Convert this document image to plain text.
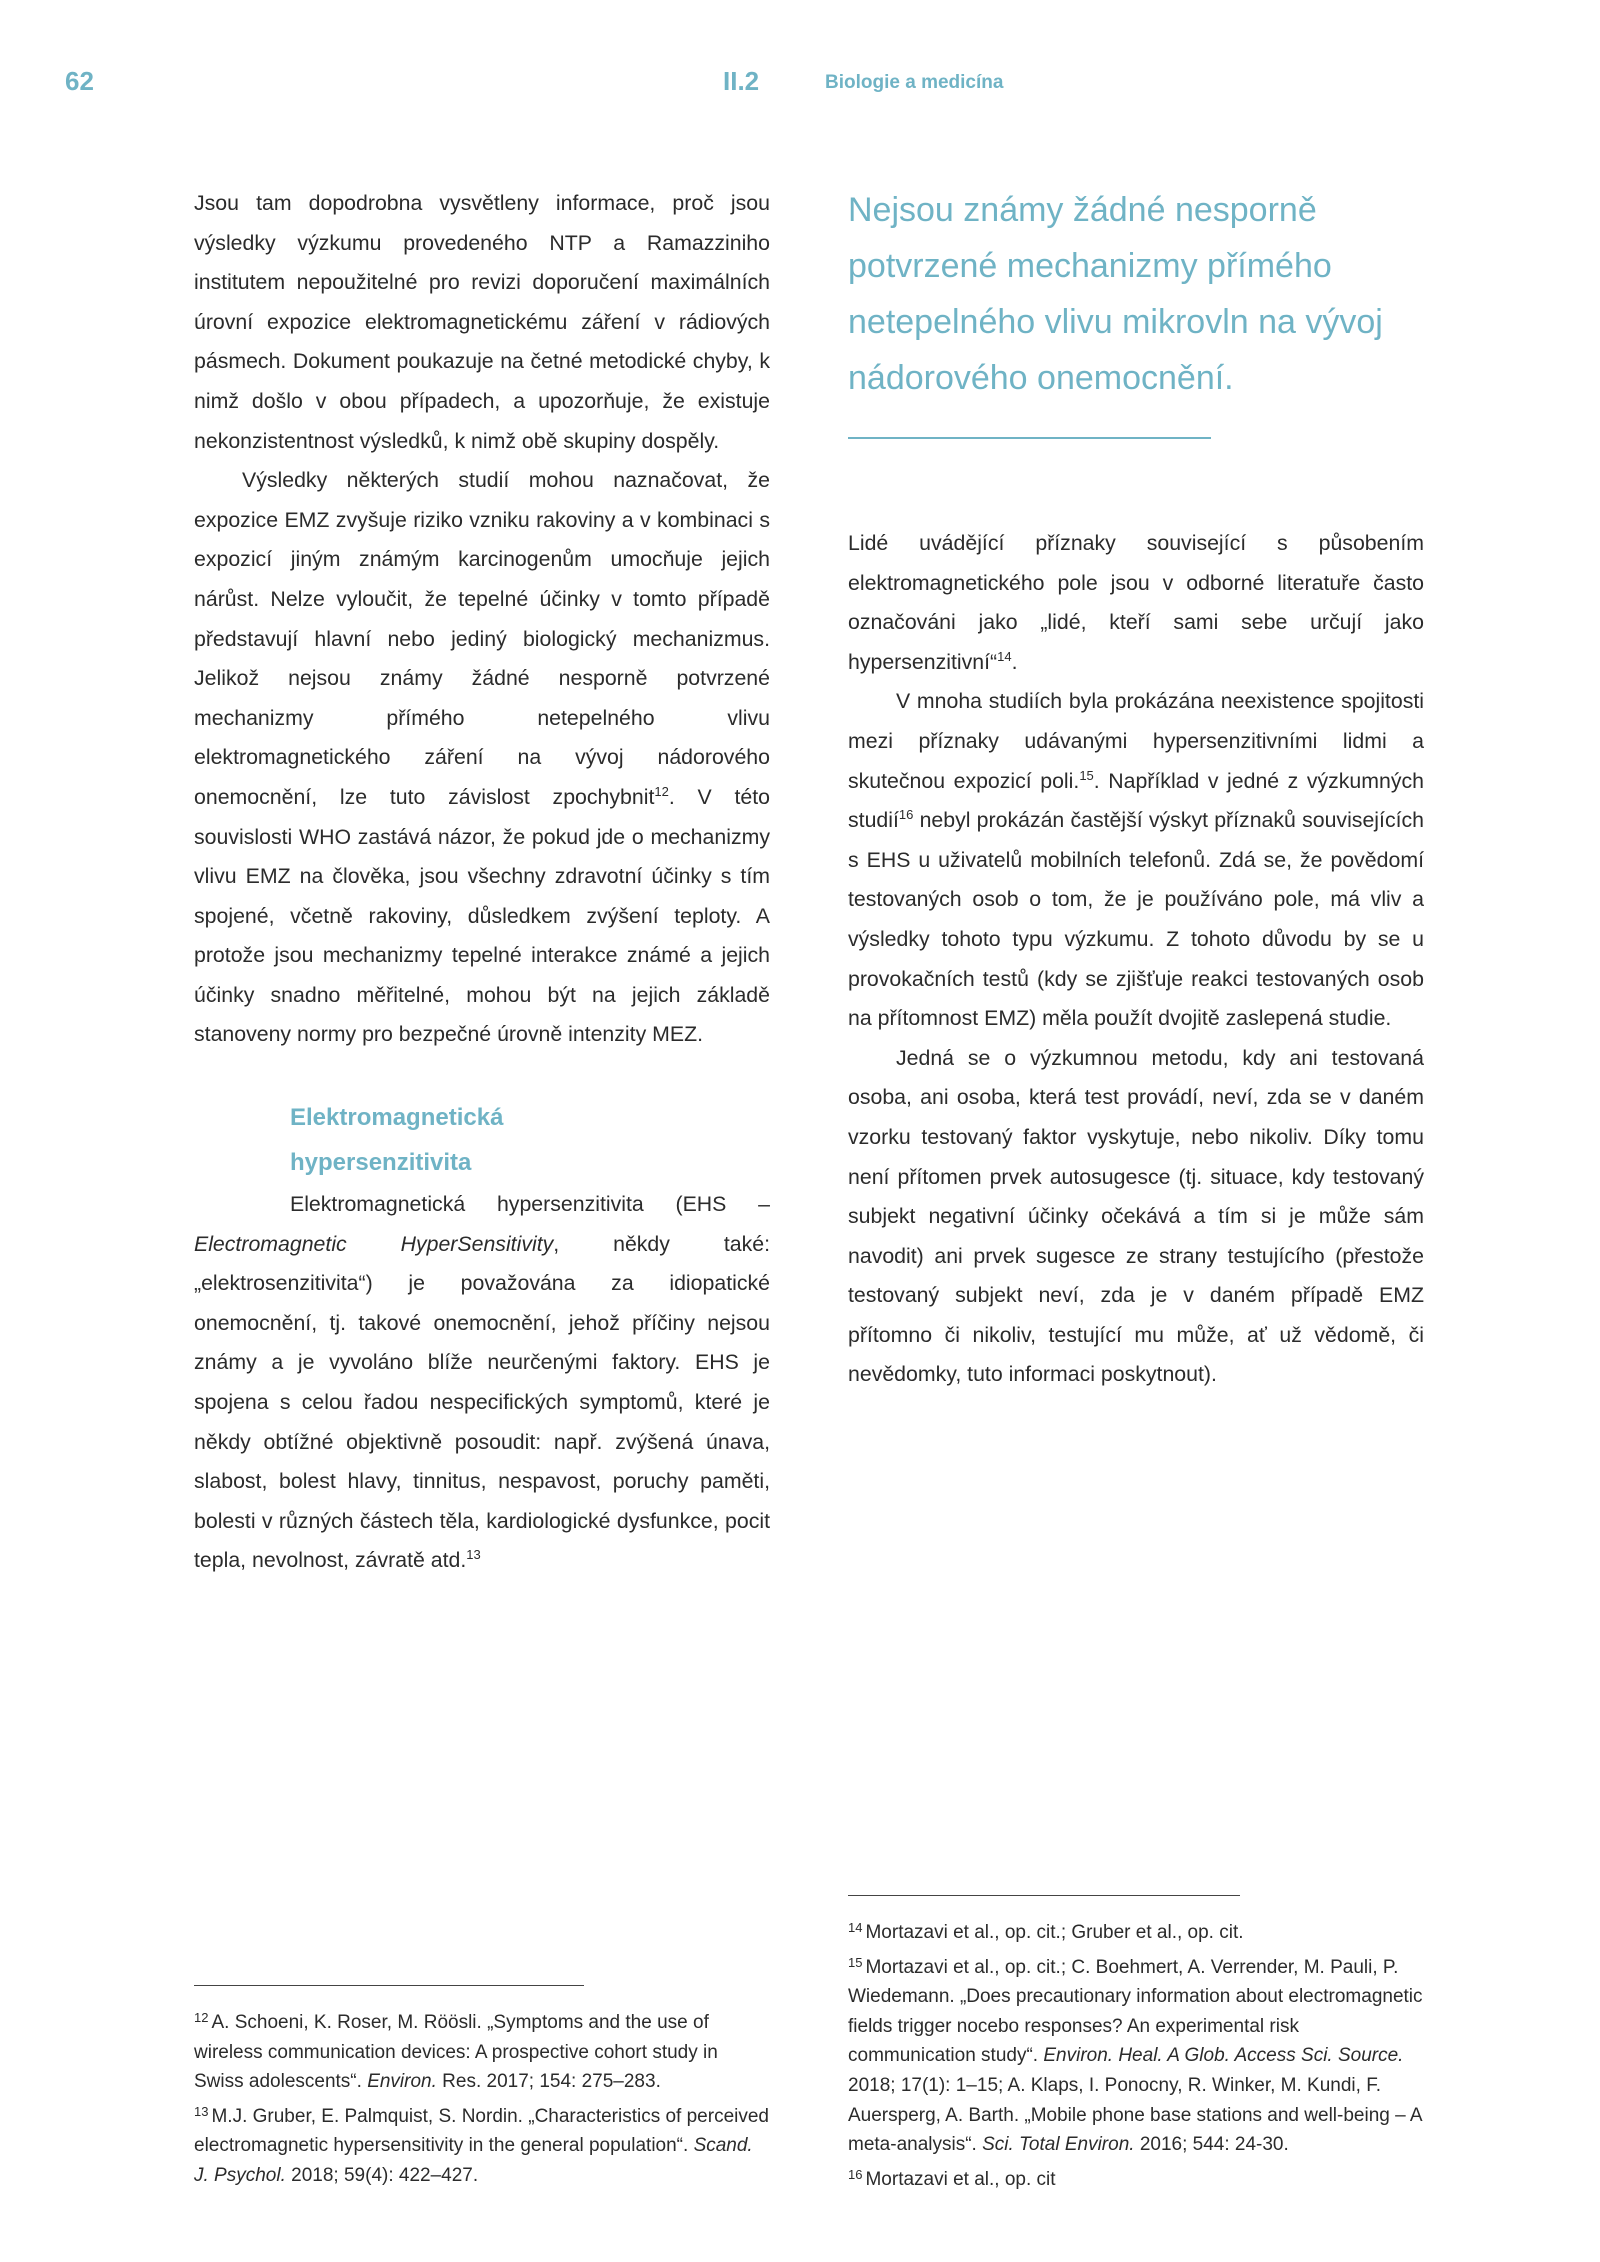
62	II.2	Biologie a medicína

Jsou tam dopodrobna vysvětleny informace, proč jsou výsledky výzkumu provedeného NTP a Ramazziniho institutem nepoužitelné pro revizi doporučení maximálních úrovní expozice elektromagnetickému záření v rádiových pásmech. Dokument poukazuje na četné metodické chyby, k nimž došlo v obou případech, a upozorňuje, že existuje nekonzistentnost výsledků, k nimž obě skupiny dospěly.

Výsledky některých studií mohou naznačovat, že expozice EMZ zvyšuje riziko vzniku rakoviny a v kombinaci s expozicí jiným známým karcinogenům umocňuje jejich nárůst. Nelze vyloučit, že tepelné účinky v tomto případě představují hlavní nebo jediný biologický mechanizmus. Jelikož nejsou známy žádné nesporně potvrzené mechanizmy přímého netepelného vlivu elektromagnetického záření na vývoj nádorového onemocnění, lze tuto závislost zpochybnit$^{12}$. V této souvislosti WHO zastává názor, že pokud jde o mechanizmy vlivu EMZ na člověka, jsou všechny zdravotní účinky s tím spojené, včetně rakoviny, důsledkem zvýšení teploty. A protože jsou mechanizmy tepelné interakce známé a jejich účinky snadno měřitelné, mohou být na jejich základě stanoveny normy pro bezpečné úrovně intenzity MEZ.

Elektromagnetická
hypersenzitivita

Elektromagnetická hypersenzitivita (EHS – Electromagnetic HyperSensitivity, někdy také: „elektrosenzitivita“) je považována za idiopatické onemocnění, tj. takové onemocnění, jehož příčiny nejsou známy a je vyvoláno blíže neurčenými faktory. EHS je spojena s celou řadou nespecifických symptomů, které je někdy obtížné objektivně posoudit: např. zvýšená únava, slabost, bolest hlavy, tinnitus, nespavost, poruchy paměti, bolesti v různých částech těla, kardiologické dysfunkce, pocit tepla, nevolnost, závratě atd.$^{13}$

Nejsou známy žádné nesporně potvrzené mechanizmy přímého netepelného vlivu mikrovln na vývoj nádorového onemocnění.

Lidé uvádějící příznaky související s působením elektromagnetického pole jsou v odborné literatuře často označováni jako „lidé, kteří sami sebe určují jako hypersenzitivní“$^{14}$.

V mnoha studiích byla prokázána neexistence spojitosti mezi příznaky udávanými hypersenzitivními lidmi a skutečnou expozicí poli.$^{15}$. Například v jedné z výzkumných studií$^{16}$ nebyl prokázán častější výskyt příznaků souvisejících s EHS u uživatelů mobilních telefonů. Zdá se, že povědomí testovaných osob o tom, že je používáno pole, má vliv a výsledky tohoto typu výzkumu. Z tohoto důvodu by se u provokačních testů (kdy se zjišťuje reakci testovaných osob na přítomnost EMZ) měla použít dvojitě zaslepená studie.

Jedná se o výzkumnou metodu, kdy ani testovaná osoba, ani osoba, která test provádí, neví, zda se v daném vzorku testovaný faktor vyskytuje, nebo nikoliv. Díky tomu není přítomen prvek autosugesce (tj. situace, kdy testovaný subjekt negativní účinky očekává a tím si je může sám navodit) ani prvek sugesce ze strany testujícího (přestože testovaný subjekt neví, zda je v daném případě EMZ přítomno či nikoliv, testující mu může, ať už vědomě, či nevědomky, tuto informaci poskytnout).

$^{12}$ A. Schoeni, K. Roser, M. Röösli. „Symptoms and the use of wireless communication devices: A prospective cohort study in Swiss adolescents“. Environ. Res. 2017; 154: 275–283.

$^{13}$ M.J. Gruber, E. Palmquist, S. Nordin. „Characteristics of perceived electromagnetic hypersensitivity in the general population“. Scand. J. Psychol. 2018; 59(4): 422–427.

$^{14}$ Mortazavi et al., op. cit.; Gruber et al., op. cit.

$^{15}$ Mortazavi et al., op. cit.; C. Boehmert, A. Verrender, M. Pauli, P. Wiedemann. „Does precautionary information about electromagnetic fields trigger nocebo responses? An experimental risk communication study“. Environ. Heal. A Glob. Access Sci. Source. 2018; 17(1): 1–15; A. Klaps, I. Ponocny, R. Winker, M. Kundi, F. Auersperg, A. Barth. „Mobile phone base stations and well-being – A meta-analysis“. Sci. Total Environ. 2016; 544: 24-30.

$^{16}$ Mortazavi et al., op. cit
